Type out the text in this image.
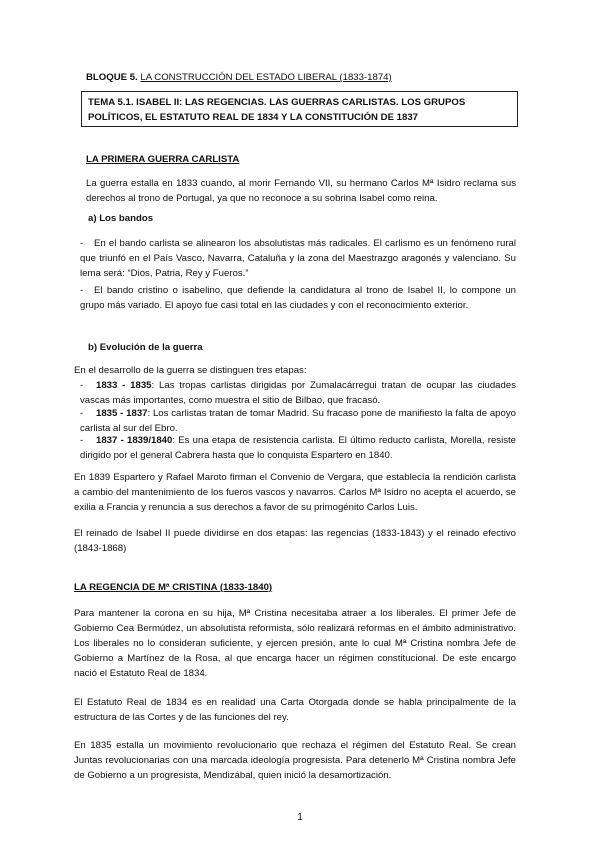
BLOQUE 5. LA CONSTRUCCIÓN DEL ESTADO LIBERAL (1833-1874)

TEMA 5.1. ISABEL II: LAS REGENCIAS. LAS GUERRAS CARLISTAS. LOS GRUPOS POLÍTICOS, EL ESTATUTO REAL DE 1834 Y LA CONSTITUCIÓN DE 1837

LA PRIMERA GUERRA CARLISTA

La guerra estalla en 1833 cuando, al morir Fernando VII, su hermano Carlos Mª Isidro reclama sus derechos al trono de Portugal, ya que no reconoce a su sobrina Isabel como reina.

a) Los bandos

-	En el bando carlista se alinearon los absolutistas más radicales. El carlismo es un fenómeno rural que triunfó en el País Vasco, Navarra, Cataluña y la zona del Maestrazgo aragonés y valenciano. Su lema será: “Dios, Patria, Rey y Fueros.”

-	El bando cristino o isabelino, que defiende la candidatura al trono de Isabel II, lo compone un grupo más variado. El apoyo fue casi total en las ciudades y con el reconocimiento exterior.

b) Evolución de la guerra

En el desarrollo de la guerra se distinguen tres etapas:

-	1833 - 1835: Las tropas carlistas dirigidas por Zumalacárregui tratan de ocupar las ciudades vascas más importantes, como muestra el sitio de Bilbao, que fracasó.

-	1835 - 1837: Los carlistas tratan de tomar Madrid. Su fracaso pone de manifiesto la falta de apoyo carlista al sur del Ebro.

-	1837 - 1839/1840: Es una etapa de resistencia carlista. El último reducto carlista, Morella, resiste dirigido por el general Cabrera hasta que lo conquista Espartero en 1840.

En 1839 Espartero y Rafael Maroto firman el Convenio de Vergara, que establecía la rendición carlista a cambio del mantenimiento de los fueros vascos y navarros. Carlos Mª Isidro no acepta el acuerdo, se exilia a Francia y renuncia a sus derechos a favor de su primogénito Carlos Luis.

El reinado de Isabel II puede dividirse en dos etapas: las regencias (1833-1843) y el reinado efectivo (1843-1868)

LA REGENCIA DE Mª CRISTINA (1833-1840)

Para mantener la corona en su hija, Mª Cristina necesitaba atraer a los liberales. El primer Jefe de Gobierno Cea Bermúdez, un absolutista reformista, sólo realizará reformas en el ámbito administrativo. Los liberales no lo consideran suficiente, y ejercen presión, ante lo cual Mª Cristina nombra Jefe de Gobierno a Martínez de la Rosa, al que encarga hacer un régimen constitucional. De este encargo nació el Estatuto Real de 1834.

El Estatuto Real de 1834 es en realidad una Carta Otorgada donde se habla principalmente de la estructura de las Cortes y de las funciones del rey.

En 1835 estalla un movimiento revolucionario que rechaza el régimen del Estatuto Real. Se crean Juntas revolucionarias con una marcada ideología progresista. Para detenerlo Mª Cristina nombra Jefe de Gobierno a un progresista, Mendizábal, quien inició la desamortización.

1
